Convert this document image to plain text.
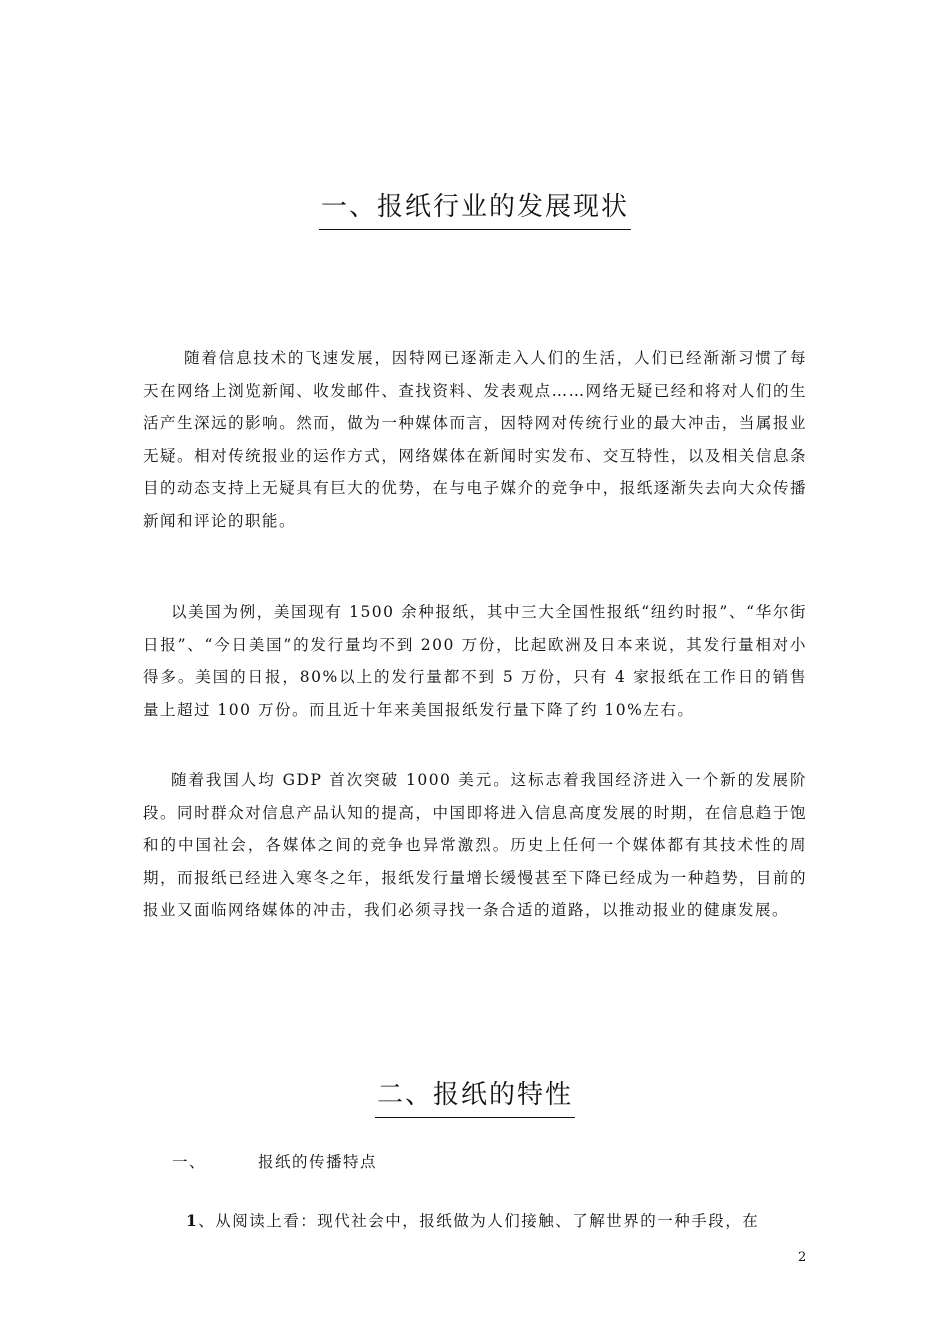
一、报纸行业的发展现状

随着信息技术的飞速发展，因特网已逐渐走入人们的生活，人们已经渐渐习惯了每天在网络上浏览新闻、收发邮件、查找资料、发表观点……网络无疑已经和将对人们的生活产生深远的影响。然而，做为一种媒体而言，因特网对传统行业的最大冲击，当属报业无疑。相对传统报业的运作方式，网络媒体在新闻时实发布、交互特性，以及相关信息条目的动态支持上无疑具有巨大的优势，在与电子媒介的竞争中，报纸逐渐失去向大众传播新闻和评论的职能。

以美国为例，美国现有 1500 余种报纸，其中三大全国性报纸“纽约时报”、“华尔街日报”、“今日美国”的发行量均不到 200 万份，比起欧洲及日本来说，其发行量相对小得多。美国的日报，80%以上的发行量都不到 5 万份，只有 4 家报纸在工作日的销售量上超过 100 万份。而且近十年来美国报纸发行量下降了约 10%左右。

随着我国人均 GDP 首次突破 1000 美元。这标志着我国经济进入一个新的发展阶段。同时群众对信息产品认知的提高，中国即将进入信息高度发展的时期，在信息趋于饱和的中国社会，各媒体之间的竞争也异常激烈。历史上任何一个媒体都有其技术性的周期，而报纸已经进入寒冬之年，报纸发行量增长缓慢甚至下降已经成为一种趋势，目前的报业又面临网络媒体的冲击，我们必须寻找一条合适的道路，以推动报业的健康发展。

二、报纸的特性

一、	报纸的传播特点

1、从阅读上看：现代社会中，报纸做为人们接触、了解世界的一种手段，在

2
